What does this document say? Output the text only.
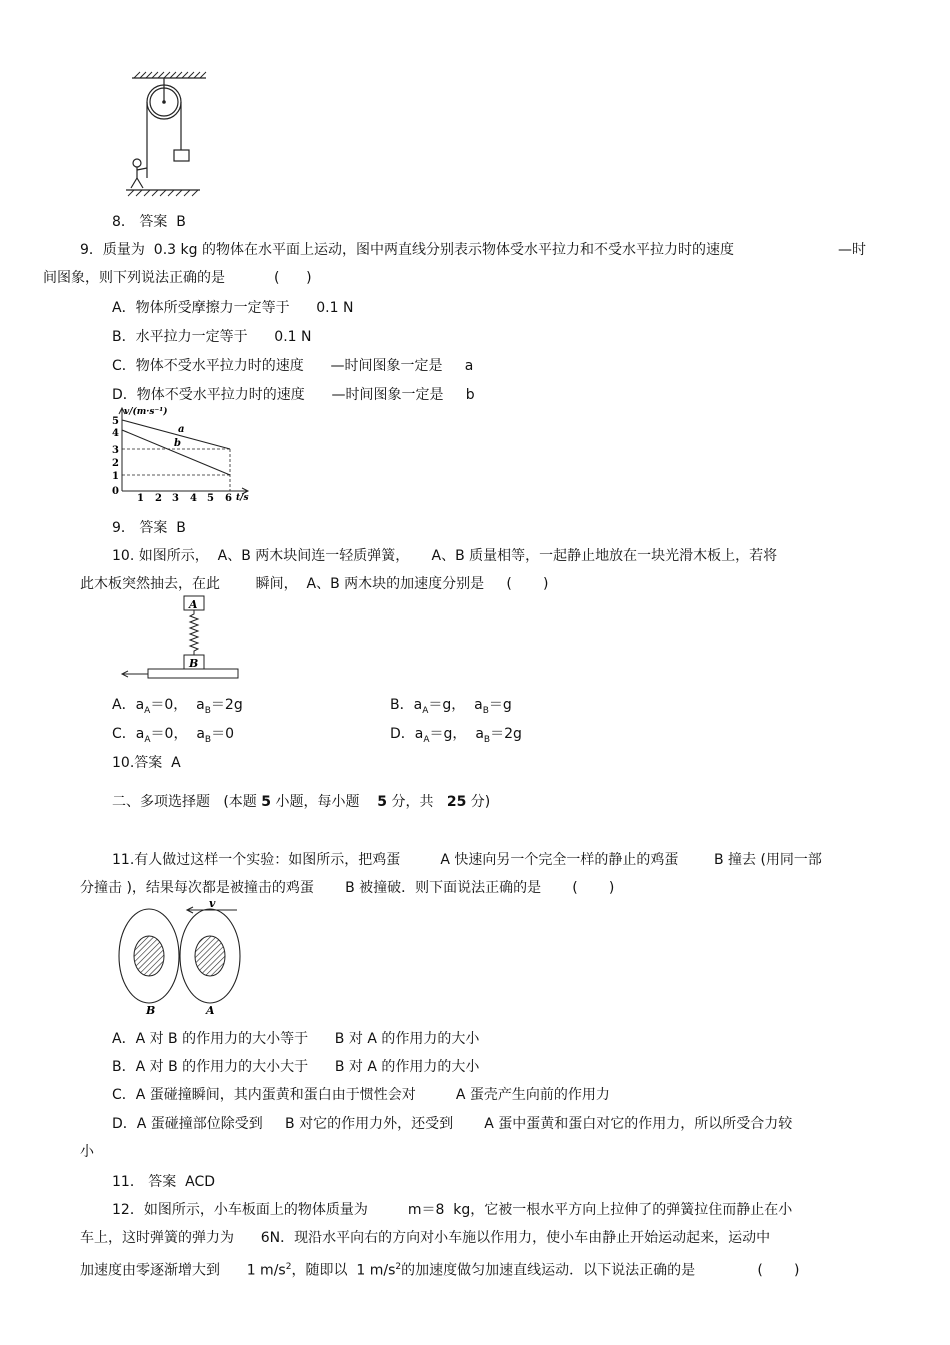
8． 答案  B
9．质量为  0.3 kg 的物体在水平面上运动，图中两直线分别表示物体受水平拉力和不受水平拉力时的速度	—时
间图象，则下列说法正确的是           (      )
A．物体所受摩擦力一定等于      0.1 N
B．水平拉力一定等于      0.1 N
C．物体不受水平拉力时的速度      —时间图象一定是     a
D．物体不受水平拉力时的速度      —时间图象一定是     b
v/(m·s⁻¹)
t/s
5
4
3
2
1
0
1 2 3 4 5 6
a
b
9． 答案  B
10. 如图所示，  A、B 两木块间连一轻质弹簧，     A、B 质量相等，一起静止地放在一块光滑木板上，若将
此木板突然抽去，在此        瞬间，  A、B 两木块的加速度分别是     (       )
A
B
A．$a_A=0$，  $a_B=2g$	B．$a_A=g$，  $a_B=g$
C．$a_A=0$，  $a_B=0$	D．$a_A=g$，  $a_B=2g$
10.答案  A
二、多项选择题   (本题 5 小题，每小题    5 分，共   25 分)
11.有人做过这样一个实验：如图所示，把鸡蛋         A 快速向另一个完全一样的静止的鸡蛋        B 撞去 (用同一部
分撞击 )，结果每次都是被撞击的鸡蛋       B 被撞破．则下面说法正确的是       (       )
v
B	A
A．A 对 B 的作用力的大小等于      B 对 A 的作用力的大小
B．A 对 B 的作用力的大小大于      B 对 A 的作用力的大小
C．A 蛋碰撞瞬间，其内蛋黄和蛋白由于惯性会对         A 蛋壳产生向前的作用力
D．A 蛋碰撞部位除受到     B 对它的作用力外，还受到       A 蛋中蛋黄和蛋白对它的作用力，所以所受合力较
小
11． 答案  ACD
12．如图所示，小车板面上的物体质量为         m＝8  kg，它被一根水平方向上拉伸了的弹簧拉住而静止在小
车上，这时弹簧的弹力为      6N．现沿水平向右的方向对小车施以作用力，使小车由静止开始运动起来，运动中
加速度由零逐渐增大到      1 $m/s^2$，随即以  1 $m/s^2$的加速度做匀加速直线运动．以下说法正确的是              (       )
